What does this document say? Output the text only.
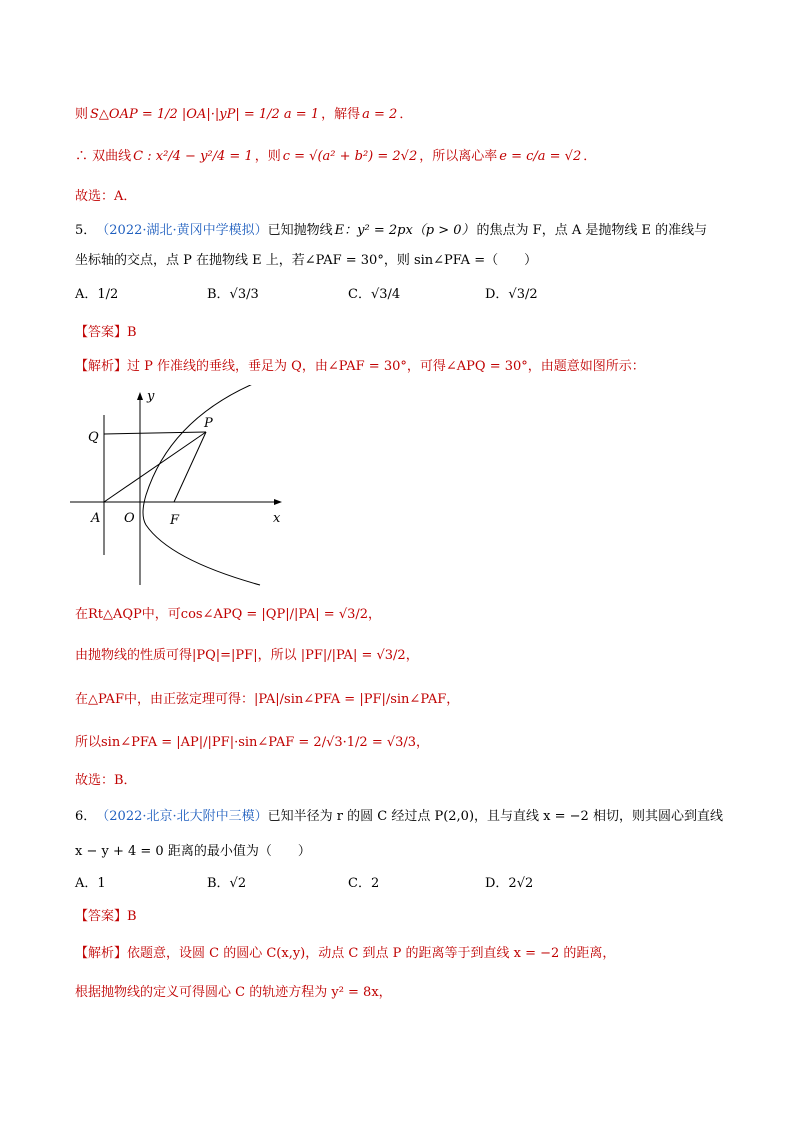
则 S△OAP = 1/2 |OA|·|yP| = 1/2 a = 1 ，解得 a = 2 ．
∴ 双曲线 C : x²/4 − y²/4 = 1 ，则 c = √(a² + b²) = 2√2 ，所以离心率 e = c/a = √2 ．
故选：A．
5． （2022·湖北·黄冈中学模拟） 已知抛物线 E：y² = 2px（p > 0） 的焦点为 F，点 A 是抛物线 E 的准线与
坐标轴的交点，点 P 在抛物线 E 上，若∠PAF = 30°，则 sin∠PFA =（　　）
A．1/2	B．√3/3	C．√3/4	D．√3/2
【答案】 B
【解析】 过 P 作准线的垂线，垂足为 Q，由∠PAF = 30°，可得∠APQ = 30°，由题意如图所示：
y
x
P
Q
A O	F
在Rt△AQP中，可cos∠APQ = |QP|/|PA| = √3/2，
由抛物线的性质可得|PQ|=|PF|，所以 |PF|/|PA| = √3/2，
在△PAF中，由正弦定理可得：|PA|/sin∠PFA = |PF|/sin∠PAF，
所以sin∠PFA = |AP|/|PF|·sin∠PAF = 2/√3·1/2 = √3/3，
故选：B．
6． （2022·北京·北大附中三模） 已知半径为 r 的圆 C 经过点 P(2,0)，且与直线 x = −2 相切，则其圆心到直线
x − y + 4 = 0 距离的最小值为（　　）
A．1	B．√2	C．2	D．2√2
【答案】 B
【解析】 依题意，设圆 C 的圆心 C(x,y)，动点 C 到点 P 的距离等于到直线 x = −2 的距离，
根据抛物线的定义可得圆心 C 的轨迹方程为 y² = 8x，
